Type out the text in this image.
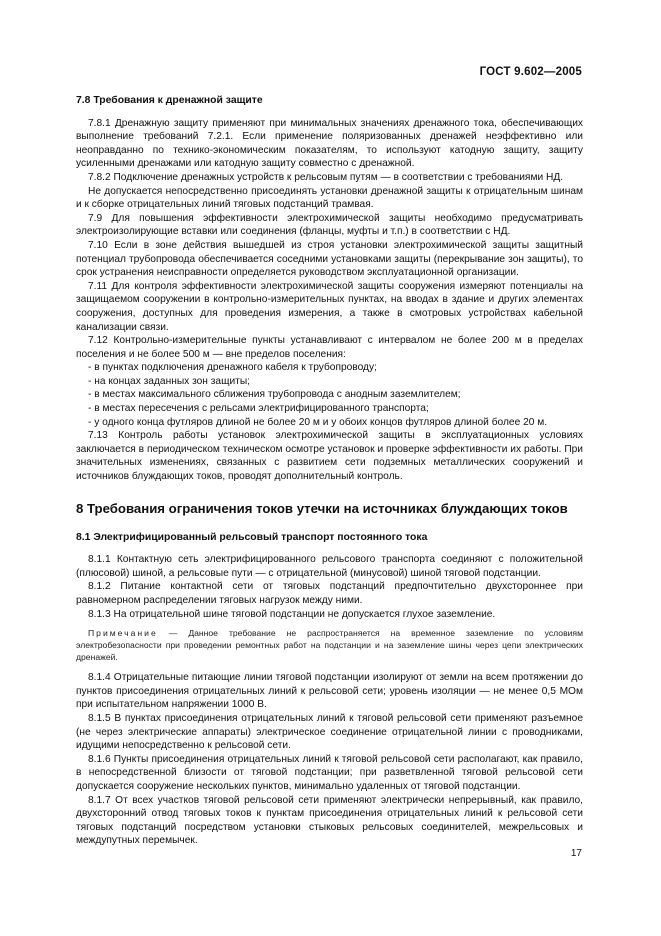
ГОСТ 9.602—2005
7.8 Требования к дренажной защите

7.8.1 Дренажную защиту применяют при минимальных значениях дренажного тока, обеспечивающих выполнение требований 7.2.1. Если применение поляризованных дренажей неэффективно или неоправданно по технико-экономическим показателям, то используют катодную защиту, защиту усиленными дренажами или катодную защиту совместно с дренажной.

7.8.2 Подключение дренажных устройств к рельсовым путям — в соответствии с требованиями НД.

Не допускается непосредственно присоединять установки дренажной защиты к отрицательным шинам и к сборке отрицательных линий тяговых подстанций трамвая.

7.9 Для повышения эффективности электрохимической защиты необходимо предусматривать электроизолирующие вставки или соединения (фланцы, муфты и т.п.) в соответствии с НД.

7.10 Если в зоне действия вышедшей из строя установки электрохимической защиты защитный потенциал трубопровода обеспечивается соседними установками защиты (перекрывание зон защиты), то срок устранения неисправности определяется руководством эксплуатационной организации.

7.11 Для контроля эффективности электрохимической защиты сооружения измеряют потенциалы на защищаемом сооружении в контрольно-измерительных пунктах, на вводах в здание и других элементах сооружения, доступных для проведения измерения, а также в смотровых устройствах кабельной канализации связи.

7.12 Контрольно-измерительные пункты устанавливают с интервалом не более 200 м в пределах поселения и не более 500 м — вне пределов поселения:

- в пунктах подключения дренажного кабеля к трубопроводу;
- на концах заданных зон защиты;
- в местах максимального сближения трубопровода с анодным заземлителем;
- в местах пересечения с рельсами электрифицированного транспорта;
- у одного конца футляров длиной не более 20 м и у обоих концов футляров длиной более 20 м.

7.13 Контроль работы установок электрохимической защиты в эксплуатационных условиях заключается в периодическом техническом осмотре установок и проверке эффективности их работы. При значительных изменениях, связанных с развитием сети подземных металлических сооружений и источников блуждающих токов, проводят дополнительный контроль.

8 Требования ограничения токов утечки на источниках блуждающих токов
8.1 Электрифицированный рельсовый транспорт постоянного тока

8.1.1 Контактную сеть электрифицированного рельсового транспорта соединяют с положительной (плюсовой) шиной, а рельсовые пути — с отрицательной (минусовой) шиной тяговой подстанции.

8.1.2 Питание контактной сети от тяговых подстанций предпочтительно двухстороннее при равномерном распределении тяговых нагрузок между ними.

8.1.3 На отрицательной шине тяговой подстанции не допускается глухое заземление.

Примечание — Данное требование не распространяется на временное заземление по условиям электробезопасности при проведении ремонтных работ на подстанции и на заземление шины через цепи электрических дренажей.

8.1.4 Отрицательные питающие линии тяговой подстанции изолируют от земли на всем протяжении до пунктов присоединения отрицательных линий к рельсовой сети; уровень изоляции — не менее 0,5 МОм при испытательном напряжении 1000 В.

8.1.5 В пунктах присоединения отрицательных линий к тяговой рельсовой сети применяют разъемное (не через электрические аппараты) электрическое соединение отрицательной линии с проводниками, идущими непосредственно к рельсовой сети.

8.1.6 Пункты присоединения отрицательных линий к тяговой рельсовой сети располагают, как правило, в непосредственной близости от тяговой подстанции; при разветвленной тяговой рельсовой сети допускается сооружение нескольких пунктов, минимально удаленных от тяговой подстанции.

8.1.7 От всех участков тяговой рельсовой сети применяют электрически непрерывный, как правило, двухсторонний отвод тяговых токов к пунктам присоединения отрицательных линий к рельсовой сети тяговых подстанций посредством установки стыковых рельсовых соединителей, межрельсовых и междупутных перемычек.

17
